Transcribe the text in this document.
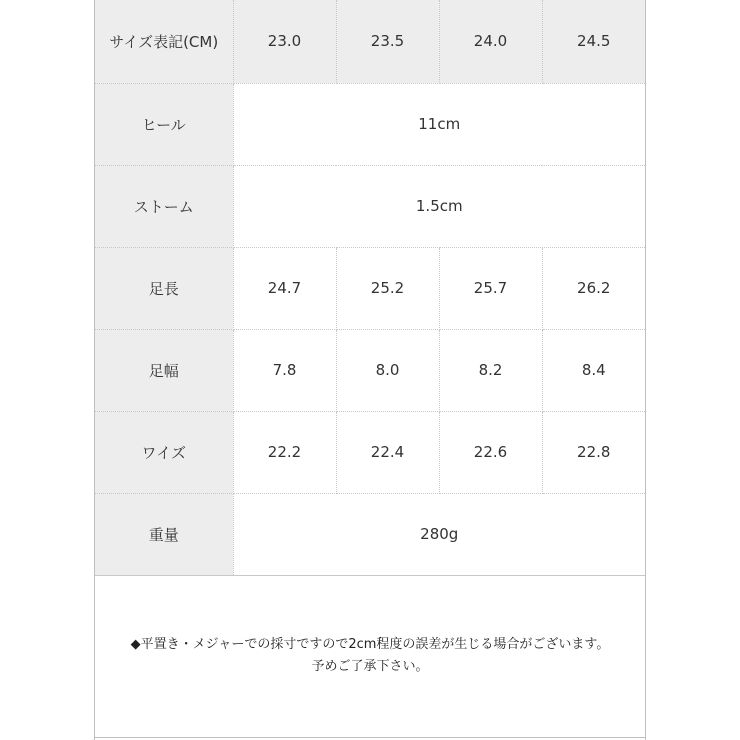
サイズ表記(CM)	23.0	23.5	24.0	24.5
ヒール	11cm			
ストーム	1.5cm			
足長	24.7	25.2	25.7	26.2
足幅	7.8	8.0	8.2	8.4
ワイズ	22.2	22.4	22.6	22.8
重量	280g			
◆平置き・メジャーでの採寸ですので2cm程度の誤差が生じる場合がございます。
予めご了承下さい。
